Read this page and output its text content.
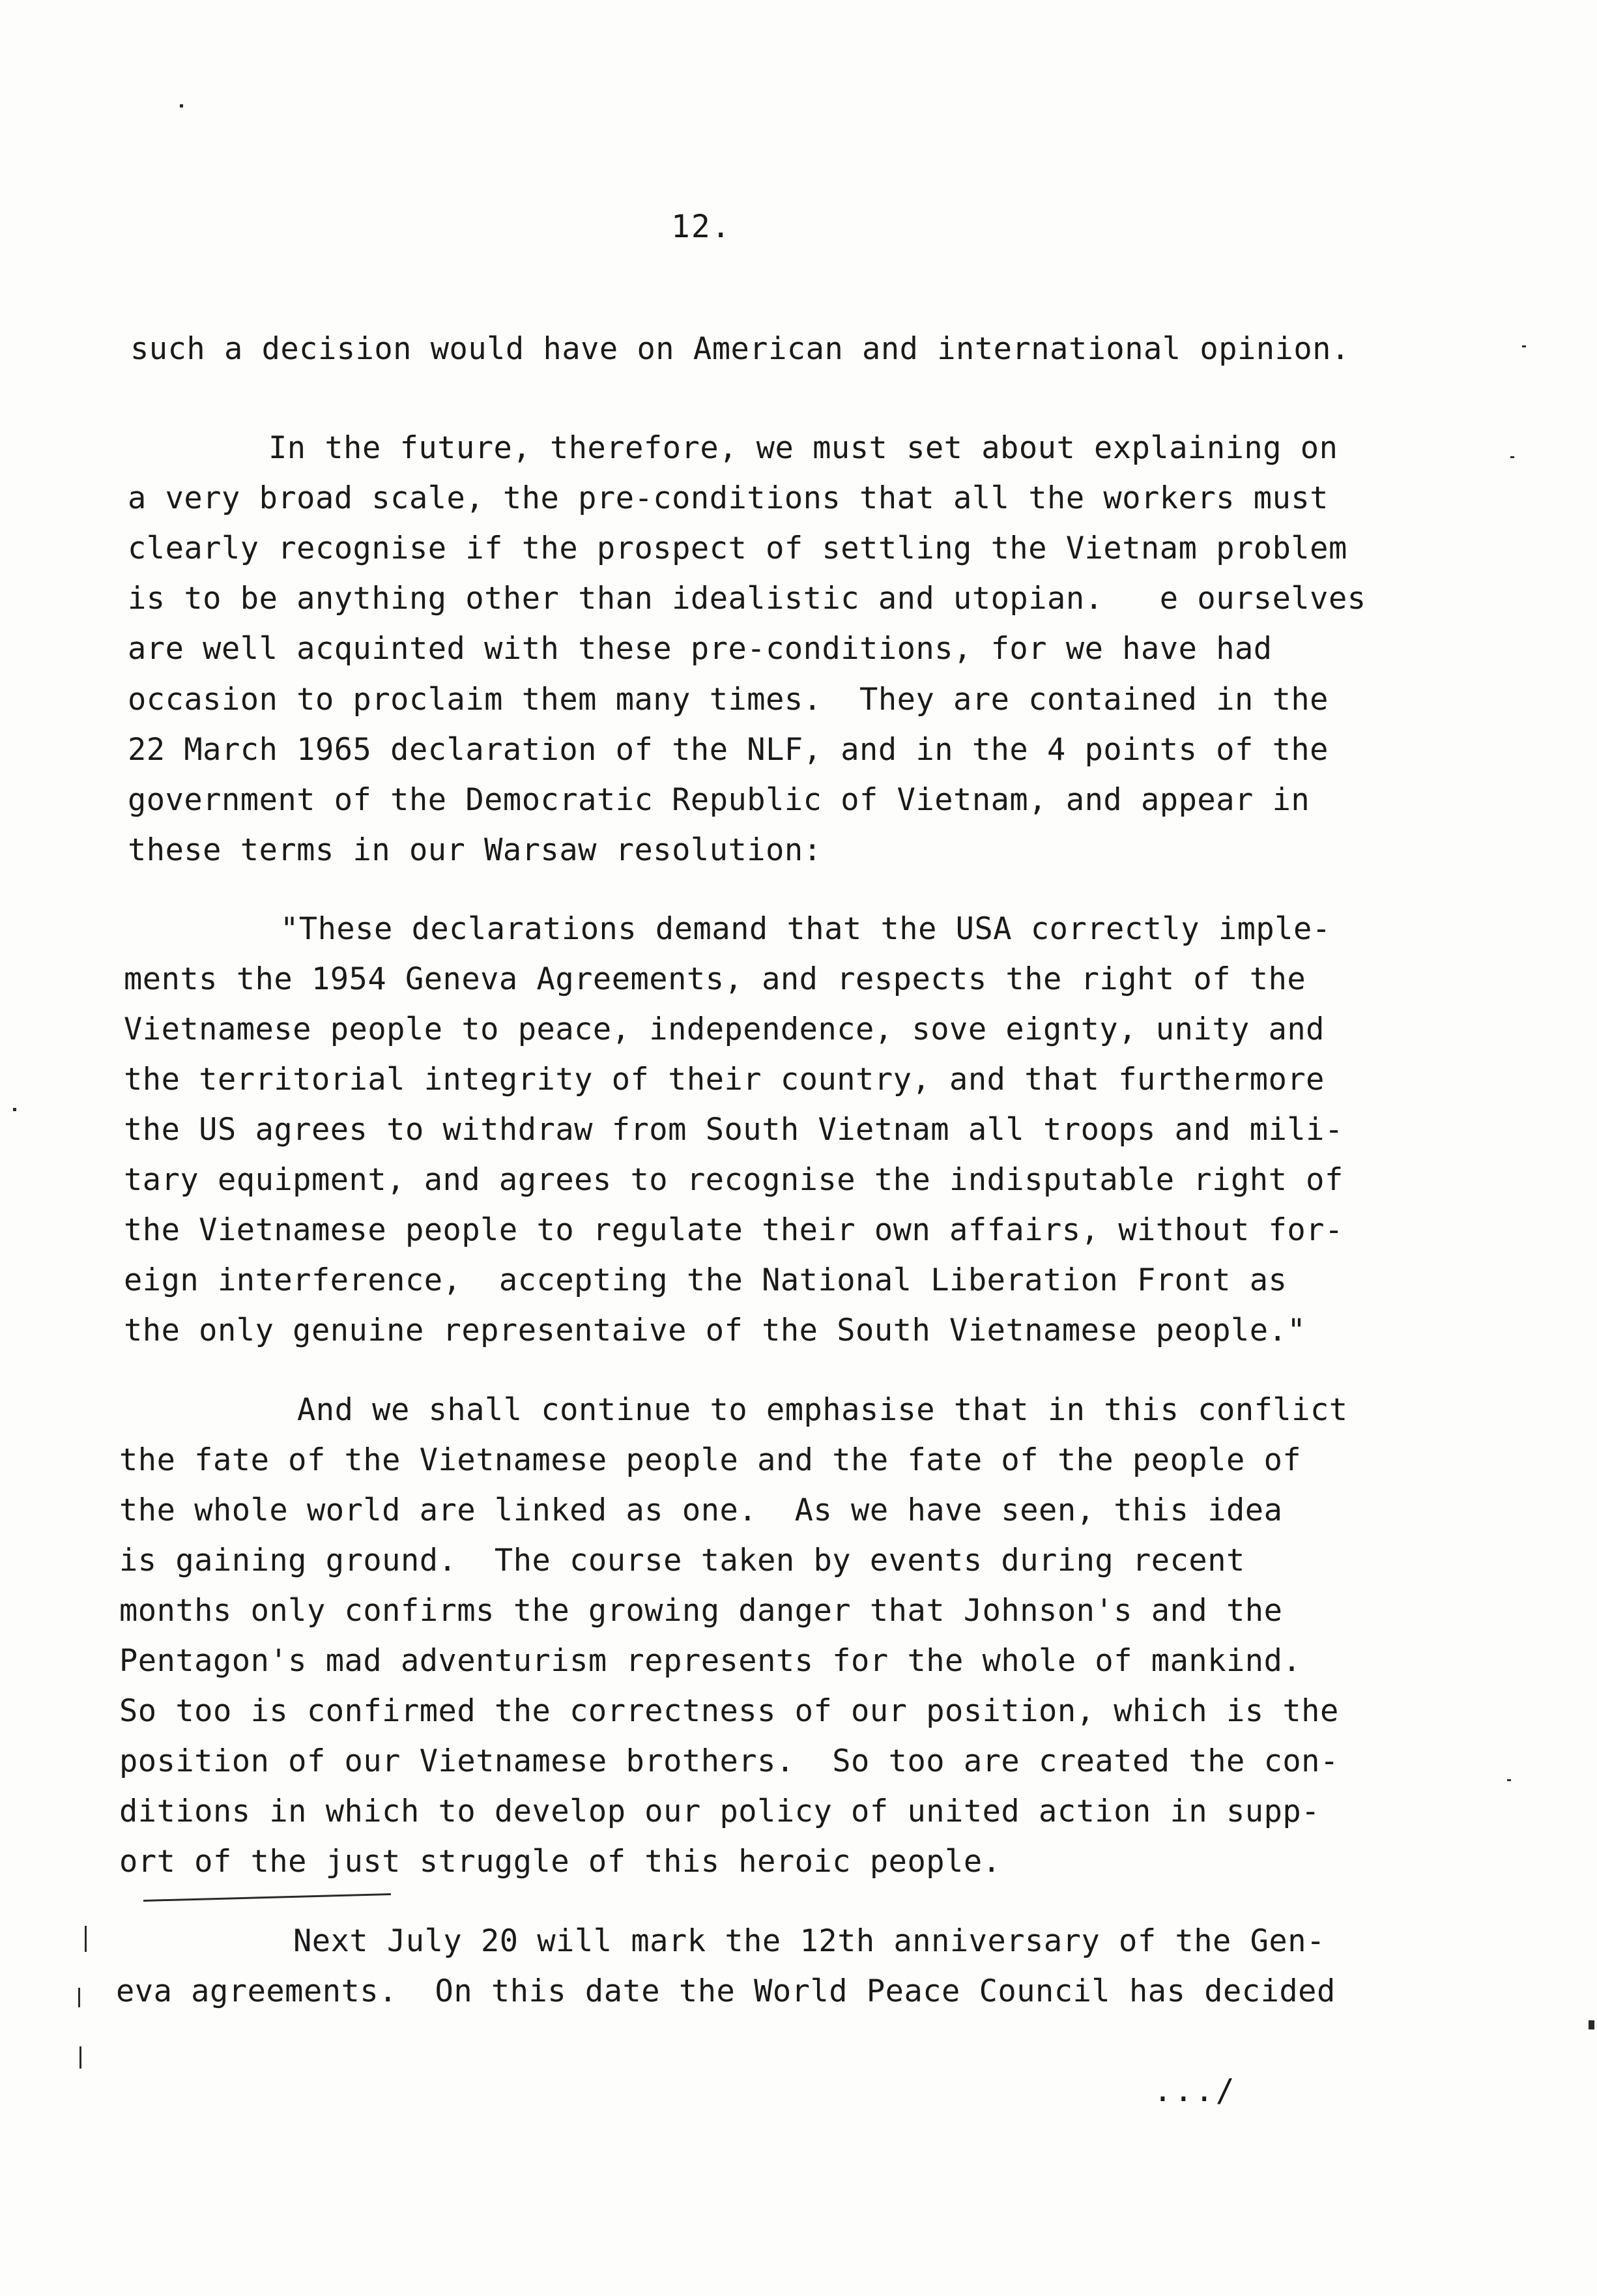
12.
such a decision would have on American and international opinion.
In the future, therefore, we must set about explaining on
a very broad scale, the pre-conditions that all the workers must
clearly recognise if the prospect of settling the Vietnam problem
is to be anything other than idealistic and utopian.   e ourselves
are well acquinted with these pre-conditions, for we have had
occasion to proclaim them many times.  They are contained in the
22 March 1965 declaration of the NLF, and in the 4 points of the
government of the Democratic Republic of Vietnam, and appear in
these terms in our Warsaw resolution:
"These declarations demand that the USA correctly imple-
ments the 1954 Geneva Agreements, and respects the right of the
Vietnamese people to peace, independence, sove eignty, unity and
the territorial integrity of their country, and that furthermore
the US agrees to withdraw from South Vietnam all troops and mili-
tary equipment, and agrees to recognise the indisputable right of
the Vietnamese people to regulate their own affairs, without for-
eign interference,  accepting the National Liberation Front as
the only genuine representaive of the South Vietnamese people."
And we shall continue to emphasise that in this conflict
the fate of the Vietnamese people and the fate of the people of
the whole world are linked as one.  As we have seen, this idea
is gaining ground.  The course taken by events during recent
months only confirms the growing danger that Johnson's and the
Pentagon's mad adventurism represents for the whole of mankind.
So too is confirmed the correctness of our position, which is the
position of our Vietnamese brothers.  So too are created the con-
ditions in which to develop our policy of united action in supp-
ort of the just struggle of this heroic people.
Next July 20 will mark the 12th anniversary of the Gen-
eva agreements.  On this date the World Peace Council has decided
.../
